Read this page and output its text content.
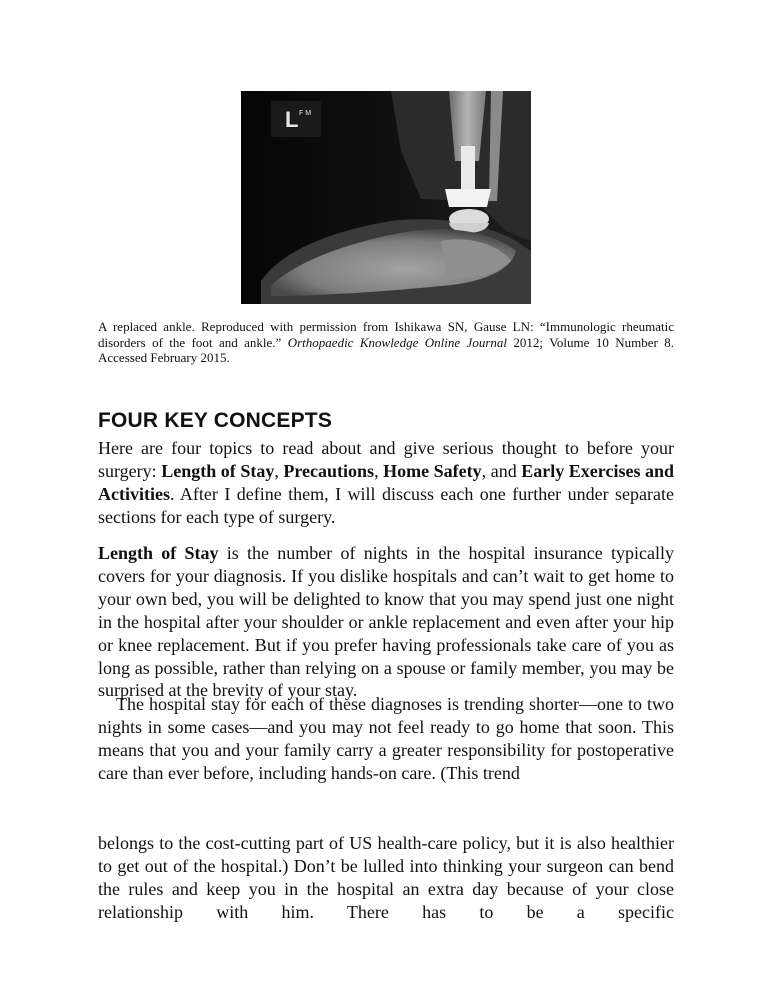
L F M
A replaced ankle. Reproduced with permission from Ishikawa SN, Gause LN: “Immunologic rheumatic disorders of the foot and ankle.” Orthopaedic Knowledge Online Journal 2012; Volume 10 Number 8. Accessed February 2015.
FOUR KEY CONCEPTS

Here are four topics to read about and give serious thought to before your surgery: Length of Stay, Precautions, Home Safety, and Early Exercises and Activities. After I define them, I will discuss each one further under separate sections for each type of surgery.

Length of Stay is the number of nights in the hospital insurance typically covers for your diagnosis. If you dislike hospitals and can’t wait to get home to your own bed, you will be delighted to know that you may spend just one night in the hospital after your shoulder or ankle replacement and even after your hip or knee replacement. But if you prefer having professionals take care of you as long as possible, rather than relying on a spouse or family member, you may be surprised at the brevity of your stay.

The hospital stay for each of these diagnoses is trending shorter—one to two nights in some cases—and you may not feel ready to go home that soon. This means that you and your family carry a greater responsibility for postoperative care than ever before, including hands-on care. (This trend

belongs to the cost-cutting part of US health-care policy, but it is also healthier to get out of the hospital.) Don’t be lulled into thinking your surgeon can bend the rules and keep you in the hospital an extra day because of your close relationship with him. There has to be a specific
